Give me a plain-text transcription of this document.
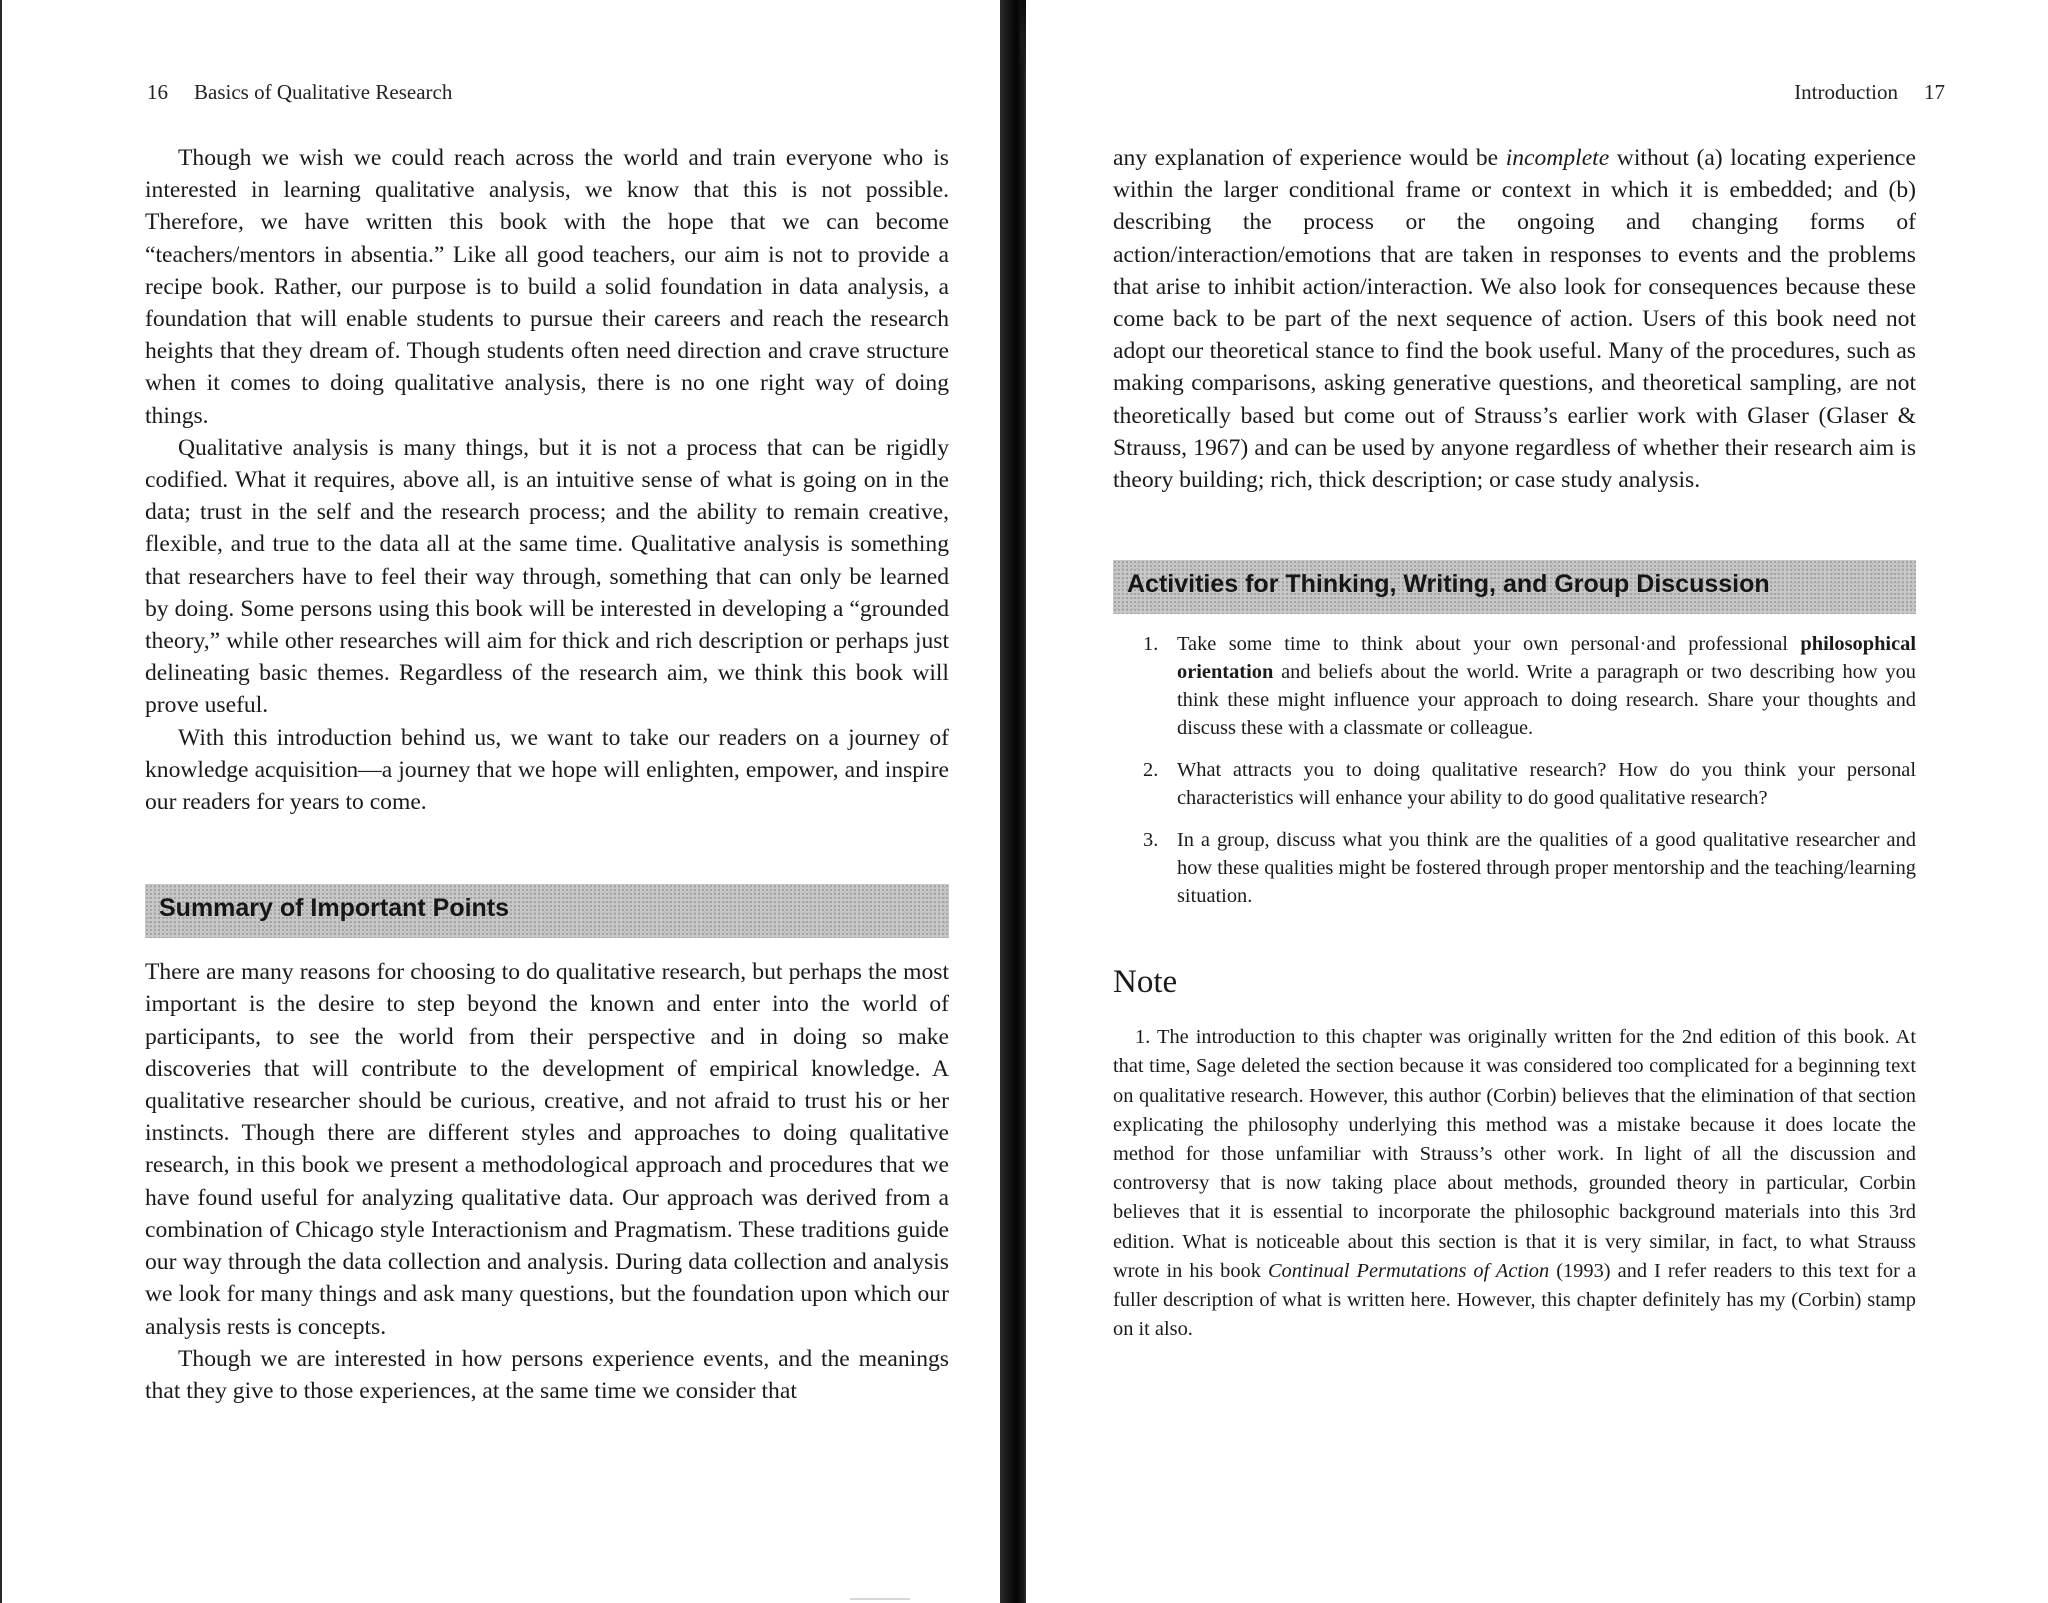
16 Basics of Qualitative Research

Though we wish we could reach across the world and train everyone who is interested in learning qualitative analysis, we know that this is not possible. Therefore, we have written this book with the hope that we can become “teachers/mentors in absentia.” Like all good teachers, our aim is not to provide a recipe book. Rather, our purpose is to build a solid foundation in data analysis, a foundation that will enable students to pursue their careers and reach the research heights that they dream of. Though students often need direction and crave structure when it comes to doing qualitative analysis, there is no one right way of doing things.

Qualitative analysis is many things, but it is not a process that can be rigidly codified. What it requires, above all, is an intuitive sense of what is going on in the data; trust in the self and the research process; and the ability to remain creative, flexible, and true to the data all at the same time. Qualitative analysis is something that researchers have to feel their way through, something that can only be learned by doing. Some persons using this book will be interested in developing a “grounded theory,” while other researches will aim for thick and rich description or perhaps just delineating basic themes. Regardless of the research aim, we think this book will prove useful.

With this introduction behind us, we want to take our readers on a journey of knowledge acquisition—a journey that we hope will enlighten, empower, and inspire our readers for years to come.

Summary of Important Points

There are many reasons for choosing to do qualitative research, but perhaps the most important is the desire to step beyond the known and enter into the world of participants, to see the world from their perspective and in doing so make discoveries that will contribute to the development of empirical knowledge. A qualitative researcher should be curious, creative, and not afraid to trust his or her instincts. Though there are different styles and approaches to doing qualitative research, in this book we present a methodological approach and procedures that we have found useful for analyzing qualitative data. Our approach was derived from a combination of Chicago style Interactionism and Pragmatism. These traditions guide our way through the data collection and analysis. During data collection and analysis we look for many things and ask many questions, but the foundation upon which our analysis rests is concepts.

Though we are interested in how persons experience events, and the meanings that they give to those experiences, at the same time we consider that

Introduction 17

any explanation of experience would be incomplete without (a) locating experience within the larger conditional frame or context in which it is embedded; and (b) describing the process or the ongoing and changing forms of action/interaction/emotions that are taken in responses to events and the problems that arise to inhibit action/interaction. We also look for consequences because these come back to be part of the next sequence of action. Users of this book need not adopt our theoretical stance to find the book useful. Many of the procedures, such as making comparisons, asking generative questions, and theoretical sampling, are not theoretically based but come out of Strauss’s earlier work with Glaser (Glaser & Strauss, 1967) and can be used by anyone regardless of whether their research aim is theory building; rich, thick description; or case study analysis.

Activities for Thinking, Writing, and Group Discussion
1. Take some time to think about your own personal·and professional philosophical orientation and beliefs about the world. Write a paragraph or two describing how you think these might influence your approach to doing research. Share your thoughts and discuss these with a classmate or colleague.
2. What attracts you to doing qualitative research? How do you think your personal characteristics will enhance your ability to do good qualitative research?
3. In a group, discuss what you think are the qualities of a good qualitative researcher and how these qualities might be fostered through proper mentorship and the teaching/learning situation.
Note

1. The introduction to this chapter was originally written for the 2nd edition of this book. At that time, Sage deleted the section because it was considered too complicated for a beginning text on qualitative research. However, this author (Corbin) believes that the elimination of that section explicating the philosophy underlying this method was a mistake because it does locate the method for those unfamiliar with Strauss’s other work. In light of all the discussion and controversy that is now taking place about methods, grounded theory in particular, Corbin believes that it is essential to incorporate the philosophic background materials into this 3rd edition. What is noticeable about this section is that it is very similar, in fact, to what Strauss wrote in his book Continual Permutations of Action (1993) and I refer readers to this text for a fuller description of what is written here. However, this chapter definitely has my (Corbin) stamp on it also.
